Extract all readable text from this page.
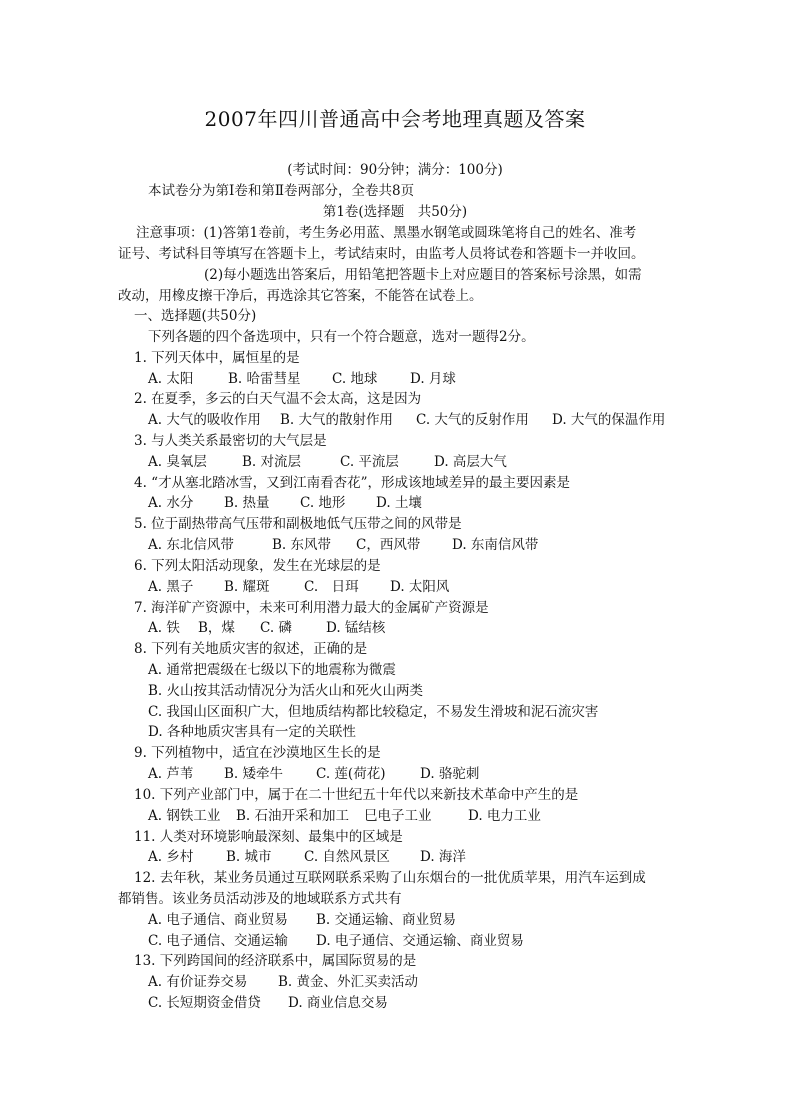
2007年四川普通高中会考地理真题及答案
(考试时间：90分钟；满分：100分)
本试卷分为第Ⅰ卷和第Ⅱ卷两部分，全卷共8页
第1卷(选择题　共50分)
注意事项：(1)答第1卷前，考生务必用蓝、黑墨水钢笔或圆珠笔将自己的姓名、准考
证号、考试科目等填写在答题卡上，考试结束时，由监考人员将试卷和答题卡一并收回。
(2)每小题选出答案后，用铅笔把答题卡上对应题目的答案标号涂黑，如需
改动，用橡皮擦干净后，再选涂其它答案，不能答在试卷上。
一、选择题(共50分)
下列各题的四个备选项中，只有一个符合题意，选对一题得2分。
1. 下列天体中，属恒星的是
A. 太阳	B. 哈雷彗星 C. 地球 D. 月球
2. 在夏季，多云的白天气温不会太高，这是因为
A. 大气的吸收作用 B. 大气的散射作用 C. 大气的反射作用 D. 大气的保温作用
3. 与人类关系最密切的大气层是
A. 臭氧层	B. 对流层	C. 平流层	D. 高层大气
4. “才从塞北踏冰雪，又到江南看杏花”，形成该地域差异的最主要因素是
A. 水分 B. 热量 C. 地形 D. 土壤
5. 位于副热带高气压带和副极地低气压带之间的风带是
A. 东北信风带	B. 东风带 C，西风带 D. 东南信风带
6. 下列太阳活动现象，发生在光球层的是
A. 黑子 B. 耀斑	C.　日珥 D. 太阳风
7. 海洋矿产资源中，未来可利用潜力最大的金属矿产资源是
A. 铁 B，煤 C. 磷	D. 锰结核
8. 下列有关地质灾害的叙述，正确的是
A. 通常把震级在七级以下的地震称为微震
B. 火山按其活动情况分为活火山和死火山两类
C. 我国山区面积广大，但地质结构都比较稳定，不易发生滑坡和泥石流灾害
D. 各种地质灾害具有一定的关联性
9. 下列植物中，适宜在沙漠地区生长的是
A. 芦苇 B. 矮牵牛 C. 莲(荷花)	D. 骆驼刺
10. 下列产业部门中，属于在二十世纪五十年代以来新技术革命中产生的是
A. 钢铁工业 B. 石油开采和加工 巳电子工业	D. 电力工业
11. 人类对环境影响最深刻、最集中的区域是
A. 乡村 B. 城市 C. 自然风景区 D. 海洋
12. 去年秋，某业务员通过互联网联系采购了山东烟台的一批优质苹果，用汽车运到成
都销售。该业务员活动涉及的地域联系方式共有
A. 电子通信、商业贸易 B. 交通运输、商业贸易
C. 电子通信、交通运输 D. 电子通信、交通运输、商业贸易
13. 下列跨国间的经济联系中，属国际贸易的是
A. 有价证券交易 B. 黄金、外汇买卖活动
C. 长短期资金借贷 D. 商业信息交易
